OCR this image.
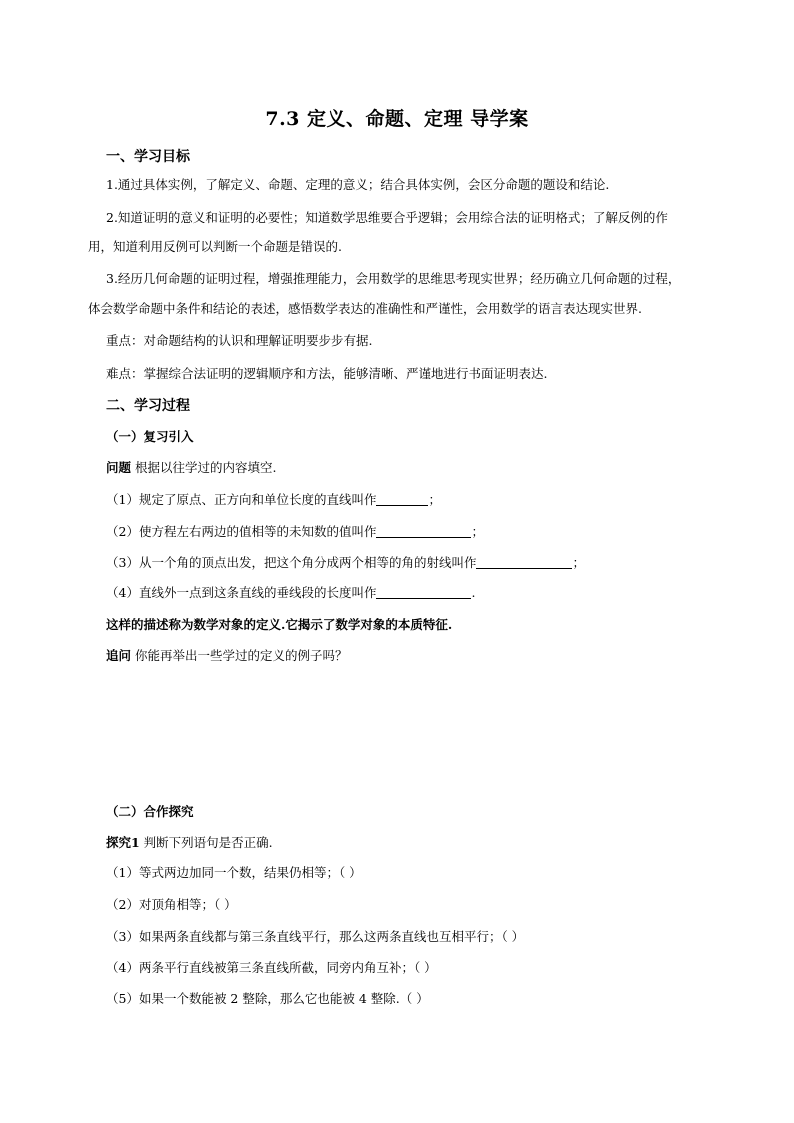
7.3 定义、命题、定理 导学案
一、学习目标
1.通过具体实例，了解定义、命题、定理的意义；结合具体实例，会区分命题的题设和结论.
2.知道证明的意义和证明的必要性；知道数学思维要合乎逻辑；会用综合法的证明格式；了解反例的作
用，知道利用反例可以判断一个命题是错误的.
3.经历几何命题的证明过程，增强推理能力，会用数学的思维思考现实世界；经历确立几何命题的过程，
体会数学命题中条件和结论的表述，感悟数学表达的准确性和严谨性，会用数学的语言表达现实世界.
重点：对命题结构的认识和理解证明要步步有据.
难点：掌握综合法证明的逻辑顺序和方法，能够清晰、严谨地进行书面证明表达.
二、学习过程
（一）复习引入
问题 根据以往学过的内容填空.
（1）规定了原点、正方向和单位长度的直线叫作	；
（2）使方程左右两边的值相等的未知数的值叫作	；
（3）从一个角的顶点出发，把这个角分成两个相等的角的射线叫作	；
（4）直线外一点到这条直线的垂线段的长度叫作	.
这样的描述称为数学对象的定义.它揭示了数学对象的本质特征.
追问 你能再举出一些学过的定义的例子吗？
（二）合作探究
探究1 判断下列语句是否正确.
（1）等式两边加同一个数，结果仍相等；（ ）
（2）对顶角相等；（ ）
（3）如果两条直线都与第三条直线平行，那么这两条直线也互相平行；（ ）
（4）两条平行直线被第三条直线所截，同旁内角互补；（ ）
（5）如果一个数能被 2 整除，那么它也能被 4 整除.（ ）
